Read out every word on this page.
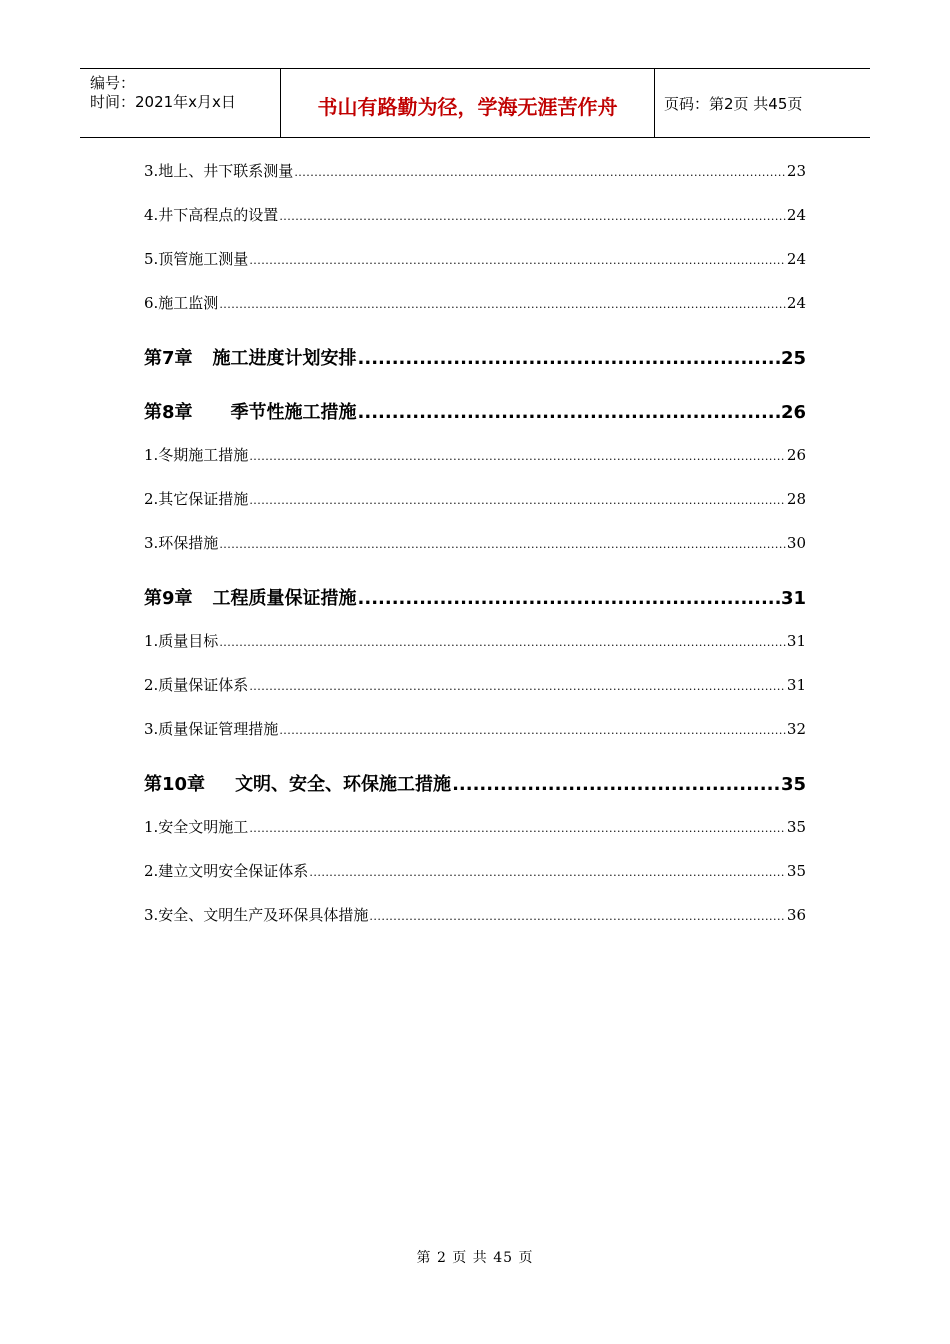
编号：
时间：2021年x月x日	书山有路勤为径，学海无涯苦作舟	页码：第2页 共45页
3.地上、井下联系测量 .....	23
4.井下高程点的设置 .....	24
5.顶管施工测量 .....	24
6.施工监测 .....	24
第7章 施工进度计划安排 .....	25
第8章 季节性施工措施 .....	26
1.冬期施工措施 .....	26
2.其它保证措施 .....	28
3.环保措施 .....	30
第9章 工程质量保证措施 .....	31
1.质量目标 .....	31
2.质量保证体系 .....	31
3.质量保证管理措施 .....	32
第10章 文明、安全、环保施工措施 .....	35
1.安全文明施工 .....	35
2.建立文明安全保证体系 .....	35
3.安全、文明生产及环保具体措施 .....	36
第 2 页 共 45 页
